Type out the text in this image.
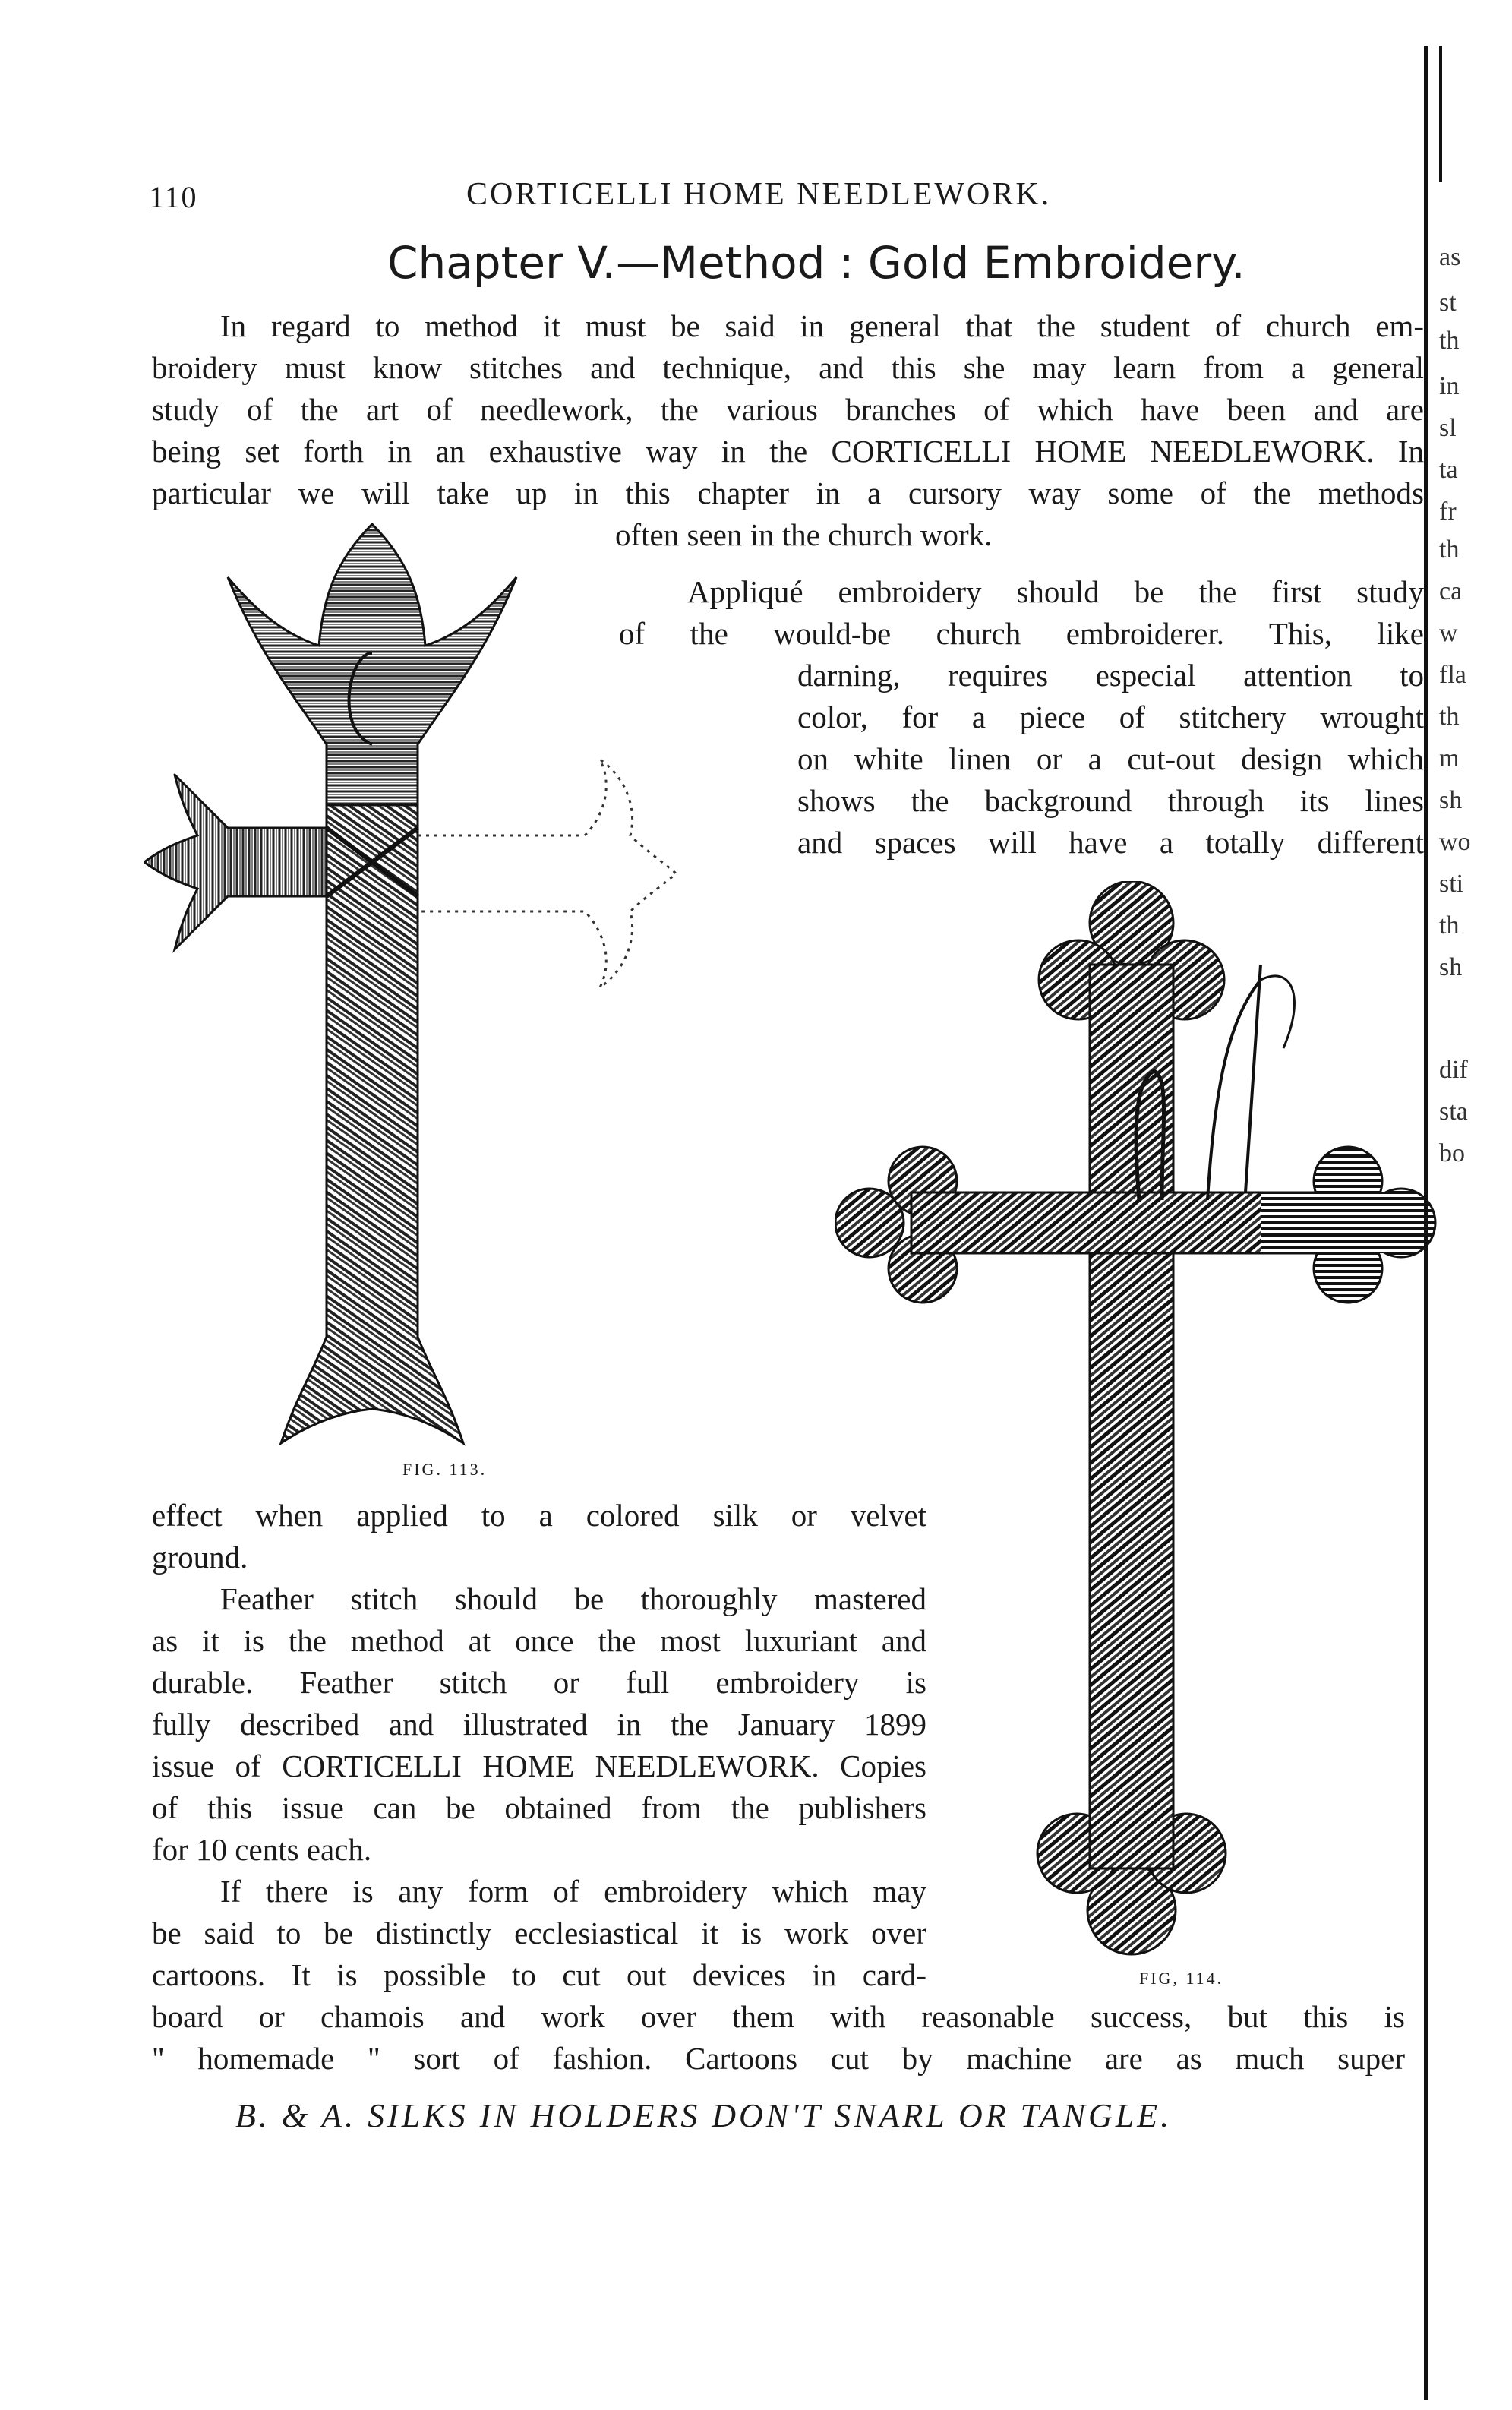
110	CORTICELLI HOME NEEDLEWORK.
Chapter V.—Method : Gold Embroidery.
In regard to method it must be said in general that the student of church em-
broidery must know stitches and technique, and this she may learn from a general
study of the art of needlework, the various branches of which have been and are
being set forth in an exhaustive way in the CORTICELLI HOME NEEDLEWORK. In
particular we will take up in this chapter in a cursory way some of the methods
often seen in the church work.
Appliqué embroidery should be the first study
of the would-be church embroiderer. This, like
darning, requires especial attention to
color, for a piece of stitchery wrought
on white linen or a cut-out design which
shows the background through its lines
and spaces will have a totally different
FIG. 113.
FIG, 114.
effect when applied to a colored silk or velvet
ground.
Feather stitch should be thoroughly mastered
as it is the method at once the most luxuriant and
durable. Feather stitch or full embroidery is
fully described and illustrated in the January 1899
issue of CORTICELLI HOME NEEDLEWORK. Copies
of this issue can be obtained from the publishers
for 10 cents each.
If there is any form of embroidery which may
be said to be distinctly ecclesiastical it is work over
cartoons. It is possible to cut out devices in card-
board or chamois and work over them with reasonable success, but this is
" homemade " sort of fashion. Cartoons cut by machine are as much super
B. & A. SILKS IN HOLDERS DON'T SNARL OR TANGLE.
as
st
th
in
sl
ta
fr
th
ca
w
fla
th
m
sh
wo
sti
th
sh
dif
sta
bo
